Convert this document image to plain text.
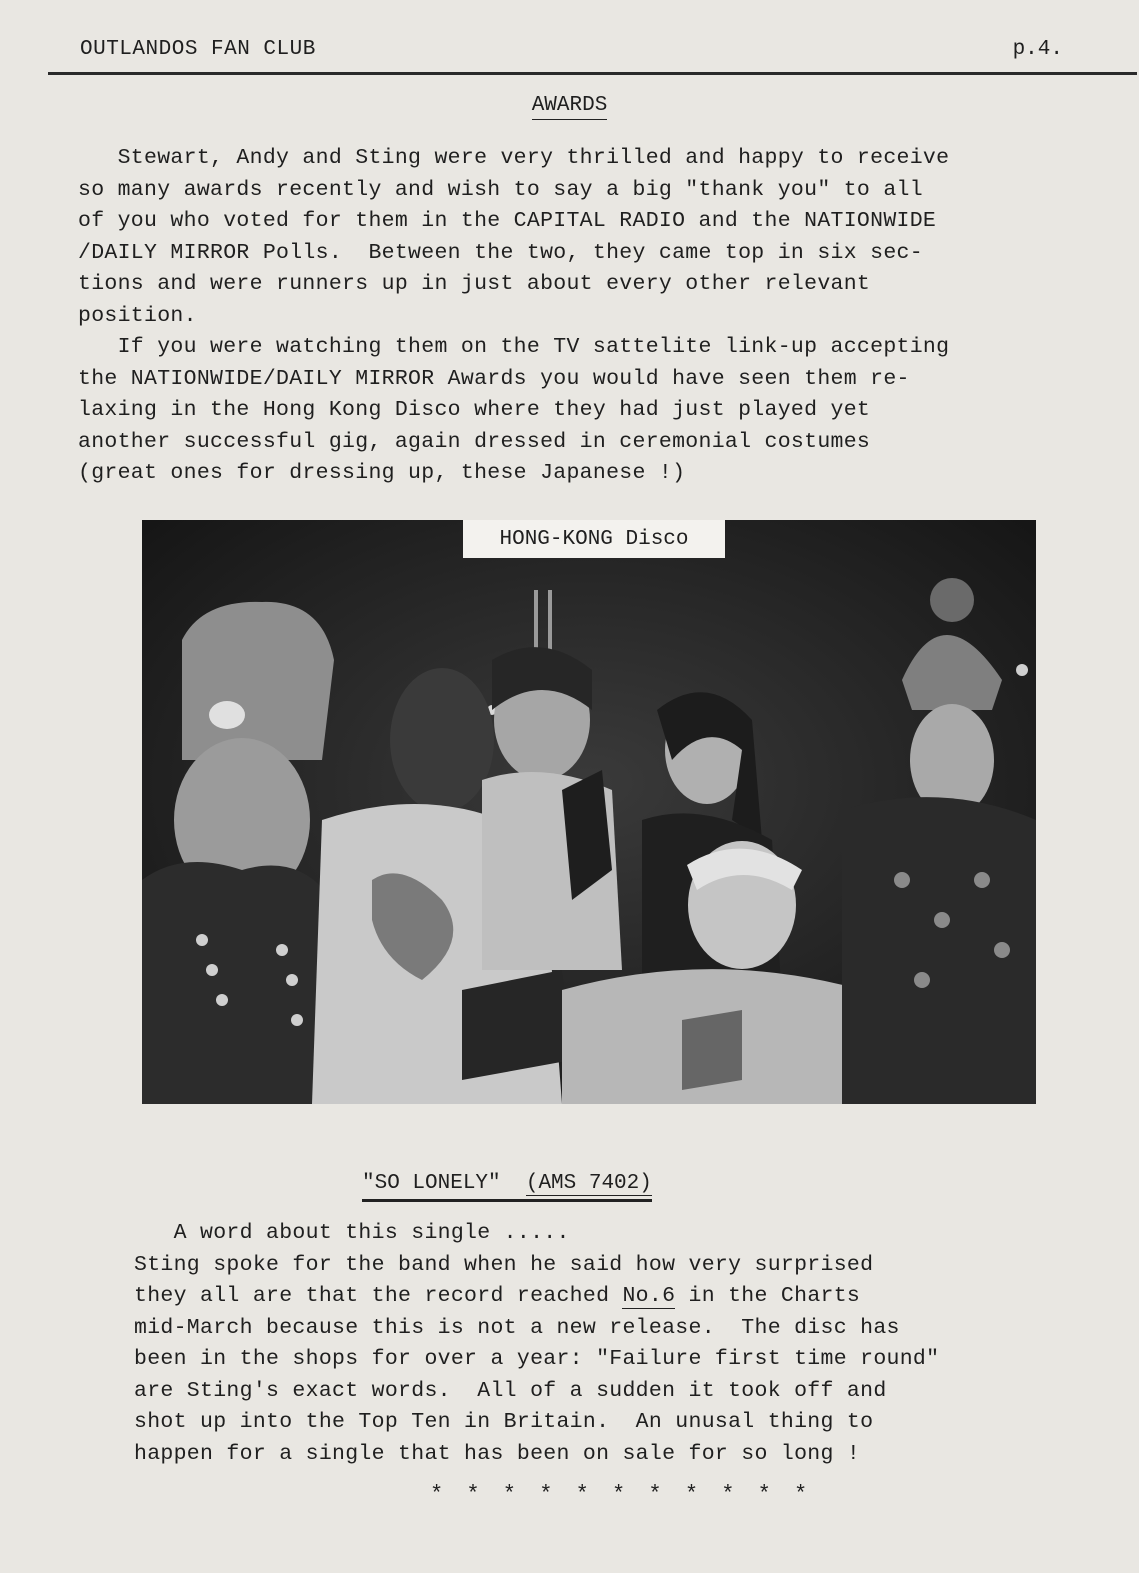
OUTLANDOS FAN CLUB	p.4.
AWARDS
Stewart, Andy and Sting were very thrilled and happy to receive
so many awards recently and wish to say a big "thank you" to all
of you who voted for them in the CAPITAL RADIO and the NATIONWIDE
/DAILY MIRROR Polls.  Between the two, they came top in six sec-
tions and were runners up in just about every other relevant
position.
If you were watching them on the TV sattelite link-up accepting
the NATIONWIDE/DAILY MIRROR Awards you would have seen them re-
laxing in the Hong Kong Disco where they had just played yet
another successful gig, again dressed in ceremonial costumes
(great ones for dressing up, these Japanese !)
HONG-KONG Disco
"SO LONELY" (AMS 7402)
A word about this single .....
Sting spoke for the band when he said how very surprised
they all are that the record reached No.6 in the Charts
mid-March because this is not a new release.  The disc has
been in the shops for over a year: "Failure first time round"
are Sting's exact words.  All of a sudden it took off and
shot up into the Top Ten in Britain.  An unusal thing to
happen for a single that has been on sale for so long !
* * * * * * * * * * *
